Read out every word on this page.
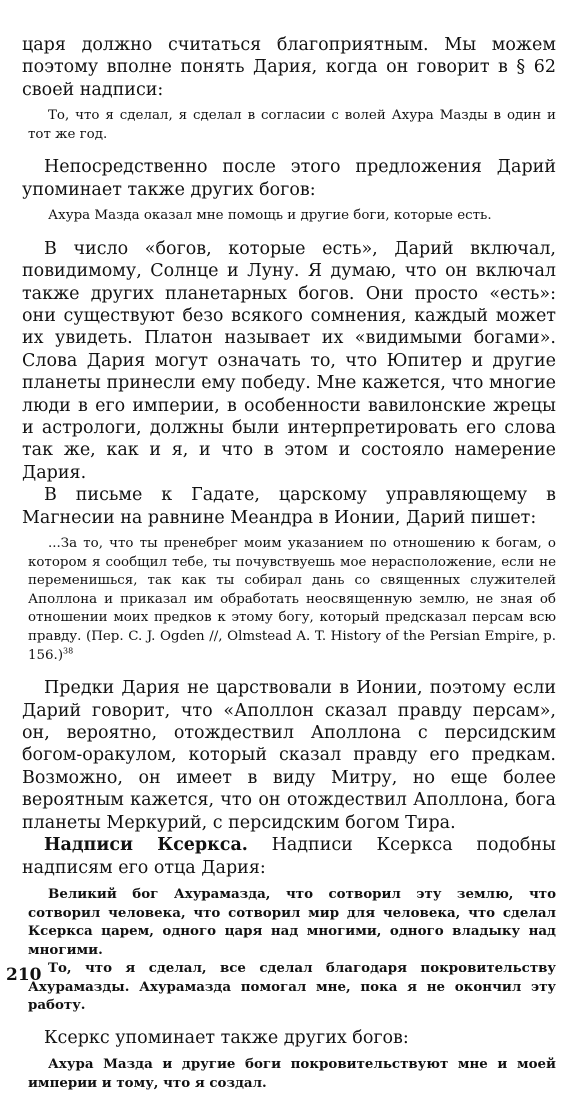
царя должно считаться благоприятным. Мы можем поэтому вполне понять Дария, когда он говорит в § 62 своей надписи:

То, что я сделал, я сделал в согласии с волей Ахура Мазды в один и тот же год.

Непосредственно после этого предложения Дарий упоминает также других богов:

Ахура Мазда оказал мне помощь и другие боги, которые есть.

В число «богов, которые есть», Дарий включал, повидимому, Солнце и Луну. Я думаю, что он включал также других планетарных богов. Они просто «есть»: они существуют безо всякого сомнения, каждый может их увидеть. Платон называет их «видимыми богами». Слова Дария могут означать то, что Юпитер и другие планеты принесли ему победу. Мне кажется, что многие люди в его империи, в особенности вавилонские жрецы и астрологи, должны были интерпретировать его слова так же, как и я, и что в этом и состояло намерение Дария.

В письме к Гадате, царскому управляющему в Магнесии на равнине Меандра в Ионии, Дарий пишет:

...За то, что ты пренебрег моим указанием по отношению к богам, о котором я сообщил тебе, ты почувствуешь мое нерасположение, если не переменишься, так как ты собирал дань со священных служителей Аполлона и приказал им обработать неосвященную землю, не зная об отношении моих предков к этому богу, который предсказал персам всю правду. (Пер. C. J. Ogden //, Olmstead A. T. History of the Persian Empire, p. 156.)$^{38}$

Предки Дария не царствовали в Ионии, поэтому если Дарий говорит, что «Аполлон сказал правду персам», он, вероятно, отождествил Аполлона с персидским богом-оракулом, который сказал правду его предкам. Возможно, он имеет в виду Митру, но еще более вероятным кажется, что он отождествил Аполлона, бога планеты Меркурий, с персидским богом Тира.

Надписи Ксеркса. Надписи Ксеркса подобны надписям его отца Дария:

Великий бог Ахурамазда, что сотворил эту землю, что сотворил человека, что сотворил мир для человека, что сделал Ксеркса царем, одного царя над многими, одного владыку над многими.

То, что я сделал, все сделал благодаря покровительству Ахурамазды. Ахурамазда помогал мне, пока я не окончил эту работу.

Ксеркс упоминает также других богов:

Ахура Мазда и другие боги покровительствуют мне и моей империи и тому, что я создал.

210
